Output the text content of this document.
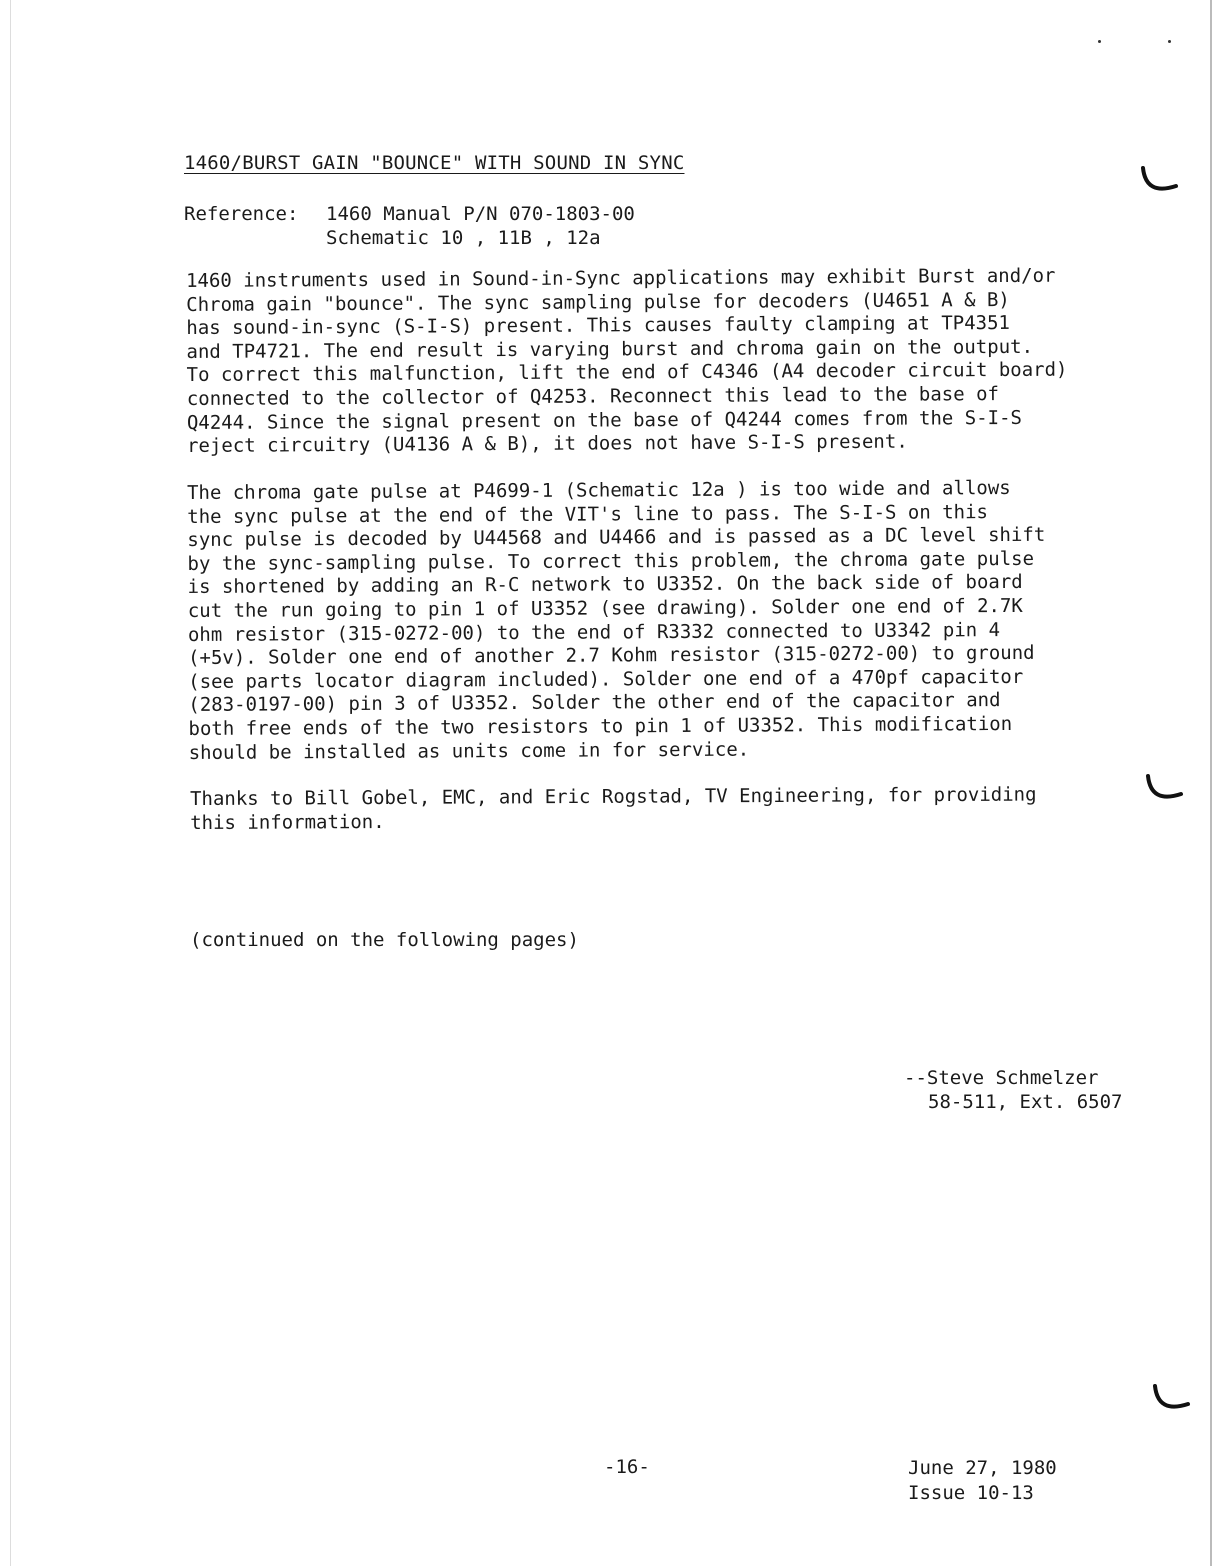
1460/BURST GAIN "BOUNCE" WITH SOUND IN SYNC
Reference: 1460 Manual P/N 070-1803-00
Schematic 10 , 11B , 12a
1460 instruments used in Sound-in-Sync applications may exhibit Burst and/or
Chroma gain "bounce". The sync sampling pulse for decoders (U4651 A & B)
has sound-in-sync (S-I-S) present. This causes faulty clamping at TP4351
and TP4721. The end result is varying burst and chroma gain on the output.
To correct this malfunction, lift the end of C4346 (A4 decoder circuit board)
connected to the collector of Q4253. Reconnect this lead to the base of
Q4244. Since the signal present on the base of Q4244 comes from the S-I-S
reject circuitry (U4136 A & B), it does not have S-I-S present.
The chroma gate pulse at P4699-1 (Schematic 12a ) is too wide and allows
the sync pulse at the end of the VIT's line to pass. The S-I-S on this
sync pulse is decoded by U44568 and U4466 and is passed as a DC level shift
by the sync-sampling pulse. To correct this problem, the chroma gate pulse
is shortened by adding an R-C network to U3352. On the back side of board
cut the run going to pin 1 of U3352 (see drawing). Solder one end of 2.7K
ohm resistor (315-0272-00) to the end of R3332 connected to U3342 pin 4
(+5v). Solder one end of another 2.7 Kohm resistor (315-0272-00) to ground
(see parts locator diagram included). Solder one end of a 470pf capacitor
(283-0197-00) pin 3 of U3352. Solder the other end of the capacitor and
both free ends of the two resistors to pin 1 of U3352. This modification
should be installed as units come in for service.
Thanks to Bill Gobel, EMC, and Eric Rogstad, TV Engineering, for providing
this information.
(continued on the following pages)
--Steve Schmelzer
58-511, Ext. 6507
-16-	June 27, 1980
Issue 10-13
